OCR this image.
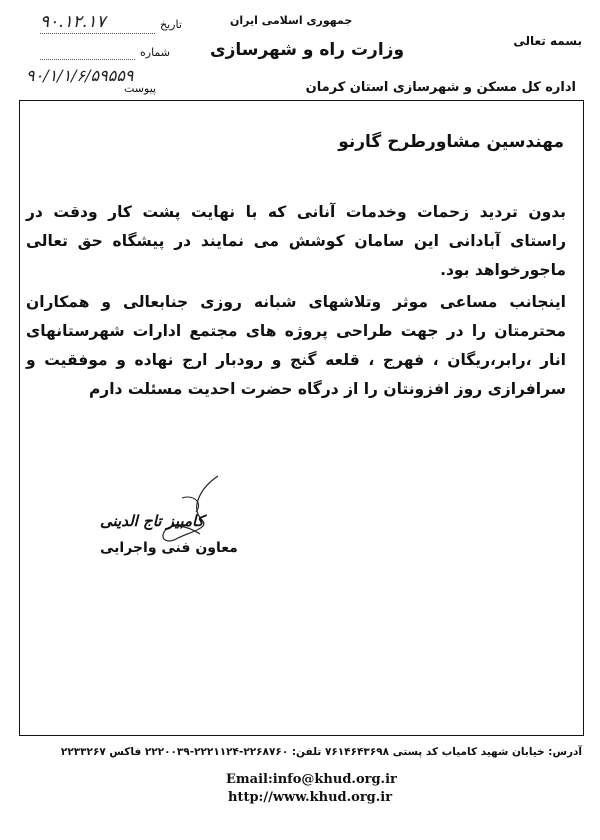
بسمه تعالی
جمهوری اسلامی ایران
وزارت راه و شهرسازی
اداره کل مسکن و شهرسازی استان کرمان
تاریخ
۹۰.۱۲.۱۷
شماره
۹۰/۱/۱/۶/۵۹۵۵۹
پیوست
مهندسین مشاورطرح گارنو
بدون تردید زحمات وخدمات آنانی که با نهایت پشت کار ودقت در راستای آبادانی این سامان کوشش می نمایند در پیشگاه حق تعالی ماجورخواهد بود.
اینجانب مساعی موثر وتلاشهای شبانه روزی جنابعالی و همکاران محترمتان را در جهت طراحی پروژه های مجتمع ادارات شهرستانهای انار ،رابر،ریگان ، فهرج ، قلعه گنج و رودبار ارج نهاده و موفقیت و سرافرازی روز افزونتان را از درگاه حضرت احدیت مسئلت دارم
کامبیز تاج الدینی
معاون فنی واجرایی
آدرس: خیابان شهید کامیاب کد پستی ۷۶۱۴۶۴۳۶۹۸ تلفن: ۲۲۶۸۷۶۰-۲۲۲۱۱۲۴-۲۲۲۰۰۳۹ فاکس ۲۲۳۳۲۶۷
Email:info@khud.org.ir
http://www.khud.org.ir
